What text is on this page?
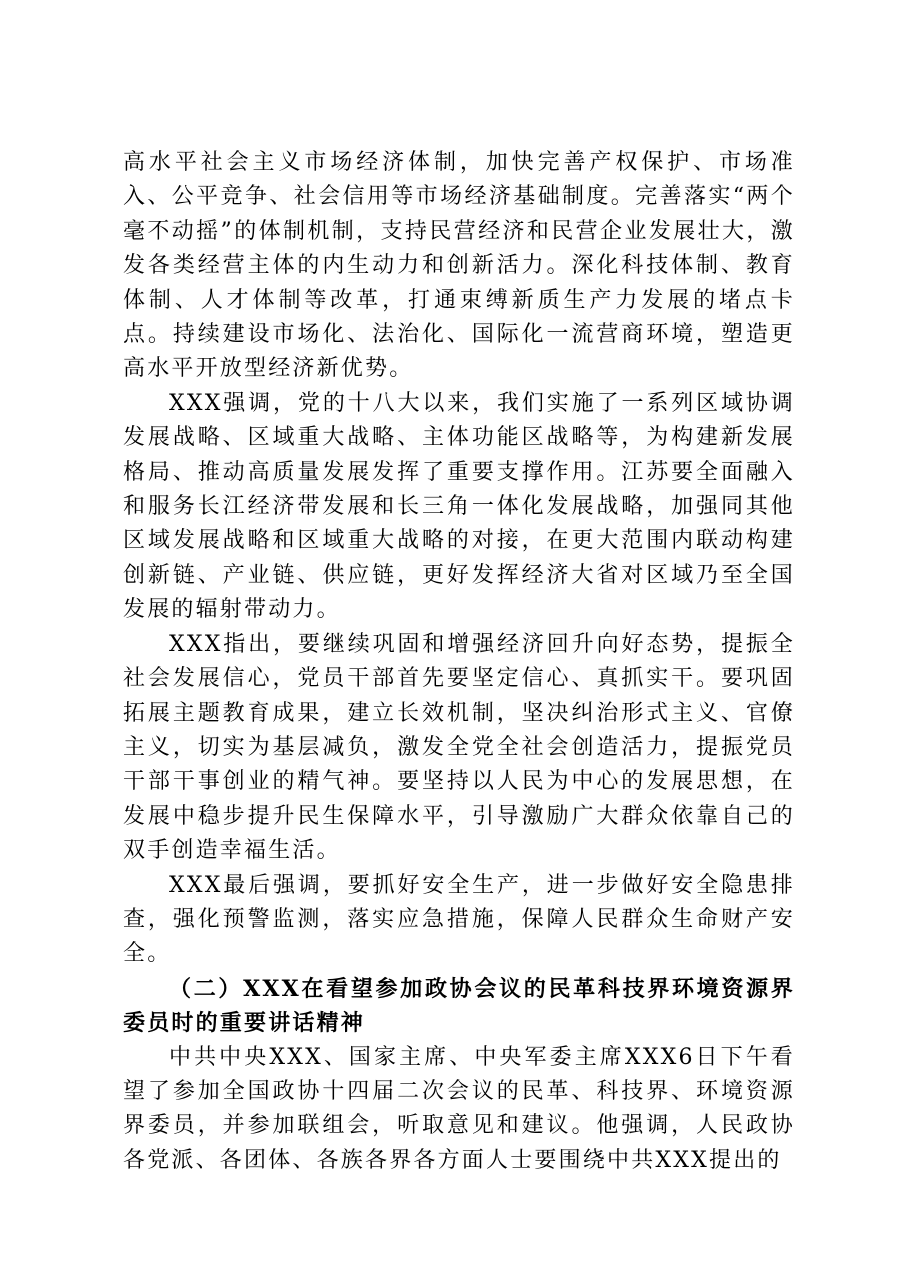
高水平社会主义市场经济体制，加快完善产权保护、市场准入、公平竞争、社会信用等市场经济基础制度。完善落实“两个毫不动摇”的体制机制，支持民营经济和民营企业发展壮大，激发各类经营主体的内生动力和创新活力。深化科技体制、教育体制、人才体制等改革，打通束缚新质生产力发展的堵点卡点。持续建设市场化、法治化、国际化一流营商环境，塑造更高水平开放型经济新优势。

XXX强调，党的十八大以来，我们实施了一系列区域协调发展战略、区域重大战略、主体功能区战略等，为构建新发展格局、推动高质量发展发挥了重要支撑作用。江苏要全面融入和服务长江经济带发展和长三角一体化发展战略，加强同其他区域发展战略和区域重大战略的对接，在更大范围内联动构建创新链、产业链、供应链，更好发挥经济大省对区域乃至全国发展的辐射带动力。

XXX指出，要继续巩固和增强经济回升向好态势，提振全社会发展信心，党员干部首先要坚定信心、真抓实干。要巩固拓展主题教育成果，建立长效机制，坚决纠治形式主义、官僚主义，切实为基层减负，激发全党全社会创造活力，提振党员干部干事创业的精气神。要坚持以人民为中心的发展思想，在发展中稳步提升民生保障水平，引导激励广大群众依靠自己的双手创造幸福生活。

XXX最后强调，要抓好安全生产，进一步做好安全隐患排查，强化预警监测，落实应急措施，保障人民群众生命财产安全。

（二）XXX在看望参加政协会议的民革科技界环境资源界委员时的重要讲话精神

中共中央XXX、国家主席、中央军委主席XXX6日下午看望了参加全国政协十四届二次会议的民革、科技界、环境资源界委员，并参加联组会，听取意见和建议。他强调，人民政协各党派、各团体、各族各界各方面人士要围绕中共XXX提出的
